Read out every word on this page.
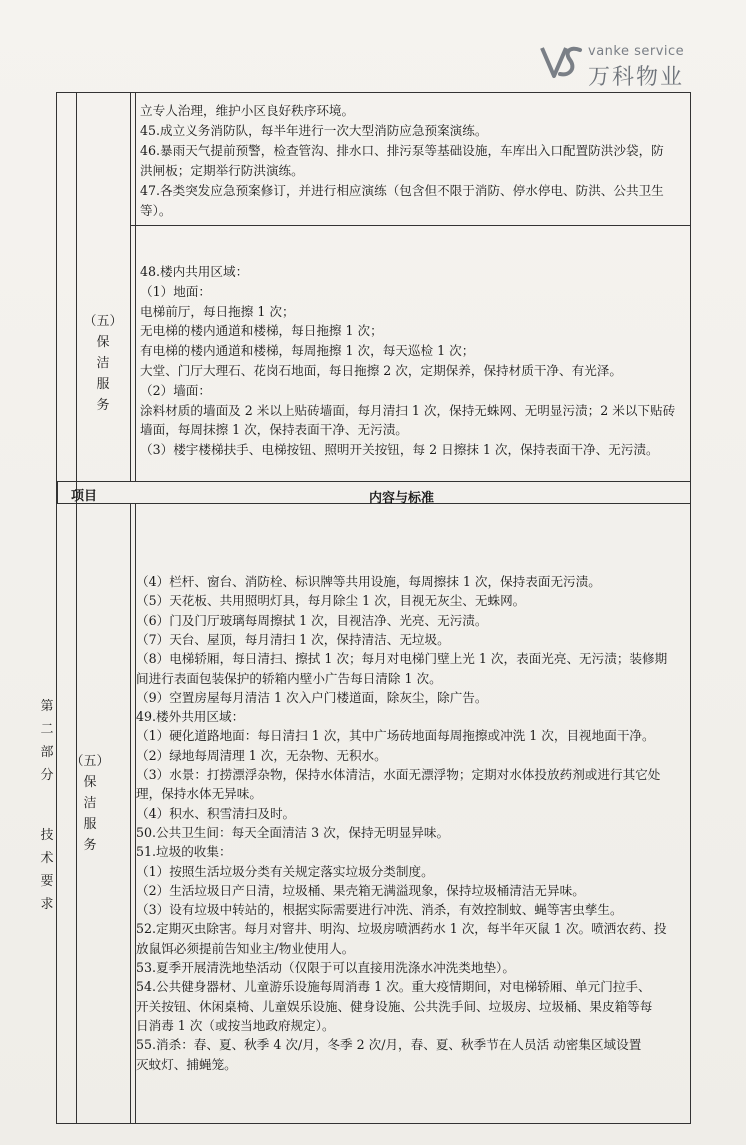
vanke service
万科物业
项目	内容与标准
立专人治理，维护小区良好秩序环境。
45.成立义务消防队，每半年进行一次大型消防应急预案演练。
46.暴雨天气提前预警，检查管沟、排水口、排污泵等基础设施，车库出入口配置防洪沙袋，防
洪闸板；定期举行防洪演练。
47.各类突发应急预案修订，并进行相应演练（包含但不限于消防、停水停电、防洪、公共卫生
等）。
48.楼内共用区域：
（1）地面：
电梯前厅，每日拖擦 1 次；
无电梯的楼内通道和楼梯，每日拖擦 1 次；
有电梯的楼内通道和楼梯，每周拖擦 1 次，每天巡检 1 次；
大堂、门厅大理石、花岗石地面，每日拖擦 2 次，定期保养，保持材质干净、有光泽。
（2）墙面：
涂料材质的墙面及 2 米以上贴砖墙面，每月清扫 1 次，保持无蛛网、无明显污渍；2 米以下贴砖
墙面，每周抹擦 1 次，保持表面干净、无污渍。
（3）楼宇楼梯扶手、电梯按钮、照明开关按钮，每 2 日擦抹 1 次，保持表面干净、无污渍。
（4）栏杆、窗台、消防栓、标识牌等共用设施，每周擦抹 1 次，保持表面无污渍。
（5）天花板、共用照明灯具，每月除尘 1 次，目视无灰尘、无蛛网。
（6）门及门厅玻璃每周擦拭 1 次，目视洁净、光亮、无污渍。
（7）天台、屋顶，每月清扫 1 次，保持清洁、无垃圾。
（8）电梯轿厢，每日清扫、擦拭 1 次；每月对电梯门壁上光 1 次，表面光亮、无污渍；装修期
间进行表面包装保护的轿箱内壁小广告每日清除 1 次。
（9）空置房屋每月清洁 1 次入户门楼道面，除灰尘，除广告。
49.楼外共用区域：
（1）硬化道路地面：每日清扫 1 次，其中广场砖地面每周拖擦或冲洗 1 次，目视地面干净。
（2）绿地每周清理 1 次，无杂物、无积水。
（3）水景：打捞漂浮杂物，保持水体清洁，水面无漂浮物；定期对水体投放药剂或进行其它处
理，保持水体无异味。
（4）积水、积雪清扫及时。
50.公共卫生间：每天全面清洁 3 次，保持无明显异味。
51.垃圾的收集：
（1）按照生活垃圾分类有关规定落实垃圾分类制度。
（2）生活垃圾日产日清，垃圾桶、果壳箱无满溢现象，保持垃圾桶清洁无异味。
（3）设有垃圾中转站的，根据实际需要进行冲洗、消杀，有效控制蚊、蝇等害虫孳生。
52.定期灭虫除害。每月对窨井、明沟、垃圾房喷洒药水 1 次，每半年灭鼠 1 次。喷洒农药、投
放鼠饵必须提前告知业主/物业使用人。
53.夏季开展清洗地垫活动（仅限于可以直接用洗涤水冲洗类地垫）。
54.公共健身器材、儿童游乐设施每周消毒 1 次。重大疫情期间，对电梯轿厢、单元门拉手、
开关按钮、休闲桌椅、儿童娱乐设施、健身设施、公共洗手间、垃圾房、垃圾桶、果皮箱等每
日消毒 1 次（或按当地政府规定）。
55.消杀：春、夏、秋季 4 次/月，冬季 2 次/月，春、夏、秋季节在人员活 动密集区域设置
灭蚊灯、捕蝇笼。
（五）
保
洁
服
务
（五）
保
洁
服
务
第
二
部
分
技
术
要
求
